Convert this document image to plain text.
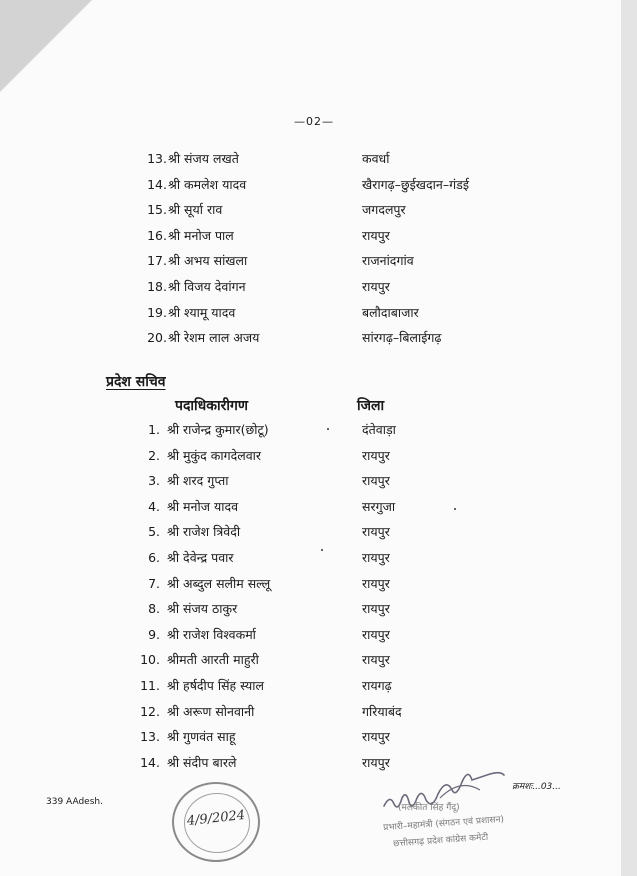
—02—
13. श्री संजय लखते	कवर्धा
14. श्री कमलेश यादव	खैरागढ़–छुईखदान–गंडई
15. श्री सूर्या राव	जगदलपुर
16. श्री मनोज पाल	रायपुर
17. श्री अभय सांखला	राजनांदगांव
18. श्री विजय देवांगन	रायपुर
19. श्री श्यामू यादव	बलौदाबाजार
20. श्री रेशम लाल अजय	सांरगढ़–बिलाईगढ़
प्रदेश सचिव
पदाधिकारीगण	जिला
1. श्री राजेन्द्र कुमार(छोटू)	दंतेवाड़ा
2. श्री मुकुंद कागदेलवार	रायपुर
3. श्री शरद गुप्ता	रायपुर
4. श्री मनोज यादव	सरगुजा
5. श्री राजेश त्रिवेदी	रायपुर
6. श्री देवेन्द्र पवार	रायपुर
7. श्री अब्दुल सलीम सल्लू	रायपुर
8. श्री संजय ठाकुर	रायपुर
9. श्री राजेश विश्वकर्मा	रायपुर
10. श्रीमती आरती माहुरी	रायपुर
11. श्री हर्षदीप सिंह स्याल	रायगढ़
12. श्री अरूण सोनवानी	गरियाबंद
13. श्री गुणवंत साहू	रायपुर
14. श्री संदीप बारले	रायपुर
339 AAdesh.
4/9/2024	(मलकीत सिंह गैंदू)
प्रभारी–महामंत्री (संगठन एवं प्रशासन)
छत्तीसगढ़ प्रदेश कांग्रेस कमेटी
क्रमशः...03...
